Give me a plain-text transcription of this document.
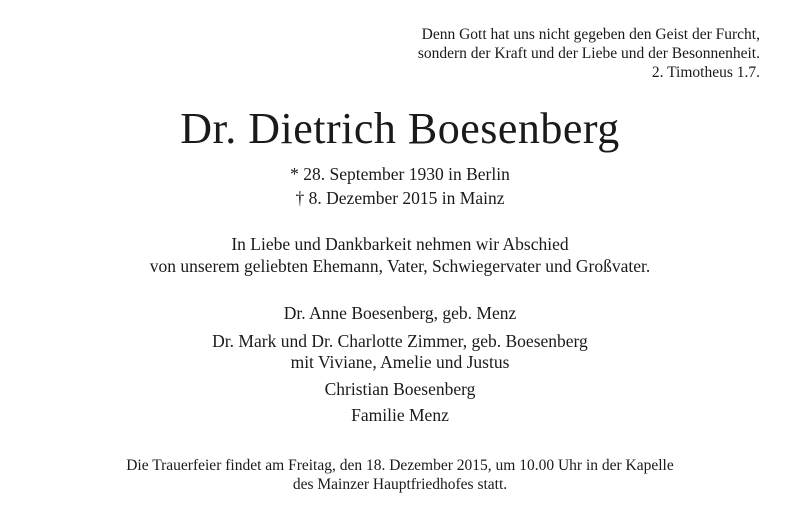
Denn Gott hat uns nicht gegeben den Geist der Furcht,
sondern der Kraft und der Liebe und der Besonnenheit.
2. Timotheus 1.7.
Dr. Dietrich Boesenberg
* 28. September 1930 in Berlin
† 8. Dezember 2015 in Mainz
In Liebe und Dankbarkeit nehmen wir Abschied
von unserem geliebten Ehemann, Vater, Schwiegervater und Großvater.
Dr. Anne Boesenberg, geb. Menz
Dr. Mark und Dr. Charlotte Zimmer, geb. Boesenberg
mit Viviane, Amelie und Justus
Christian Boesenberg
Familie Menz
Die Trauerfeier findet am Freitag, den 18. Dezember 2015, um 10.00 Uhr in der Kapelle
des Mainzer Hauptfriedhofes statt.
